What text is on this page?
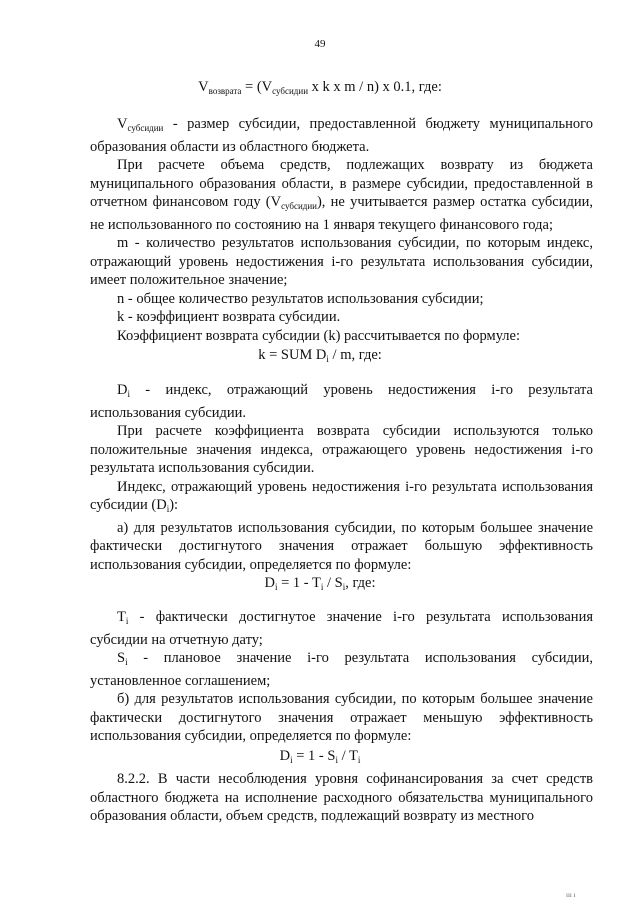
49
$V_{возврата} = (V_{субсидии}$ x k x m / n) x 0.1, где:

$V_{субсидии}$ - размер субсидии, предоставленной бюджету муниципального образования области из областного бюджета.

При расчете объема средств, подлежащих возврату из бюджета муниципального образования области, в размере субсидии, предоставленной в отчетном финансовом году $(V_{субсидии})$, не учитывается размер остатка субсидии, не использованного по состоянию на 1 января текущего финансового года;

m - количество результатов использования субсидии, по которым индекс, отражающий уровень недостижения i-го результата использования субсидии, имеет положительное значение;

n - общее количество результатов использования субсидии;

k - коэффициент возврата субсидии.

Коэффициент возврата субсидии (k) рассчитывается по формуле:

k = SUM $D_i$ / m, где:

$D_i$ - индекс, отражающий уровень недостижения i-го результата использования субсидии.

При расчете коэффициента возврата субсидии используются только положительные значения индекса, отражающего уровень недостижения i-го результата использования субсидии.

Индекс, отражающий уровень недостижения i-го результата использования субсидии $(D_i)$:

а) для результатов использования субсидии, по которым большее значение фактически достигнутого значения отражает большую эффективность использования субсидии, определяется по формуле:

$D_i = 1 - T_i / S_i$, где:

$T_i$ - фактически достигнутое значение i-го результата использования субсидии на отчетную дату;

$S_i$ - плановое значение i-го результата использования субсидии, установленное соглашением;

б) для результатов использования субсидии, по которым большее значение фактически достигнутого значения отражает меньшую эффективность использования субсидии, определяется по формуле:

$D_i = 1 - S_i / T_i$

8.2.2. В части несоблюдения уровня софинансирования за счет средств областного бюджета на исполнение расходного обязательства муниципального образования области, объем средств, подлежащий возврату из местного

ııı ı
